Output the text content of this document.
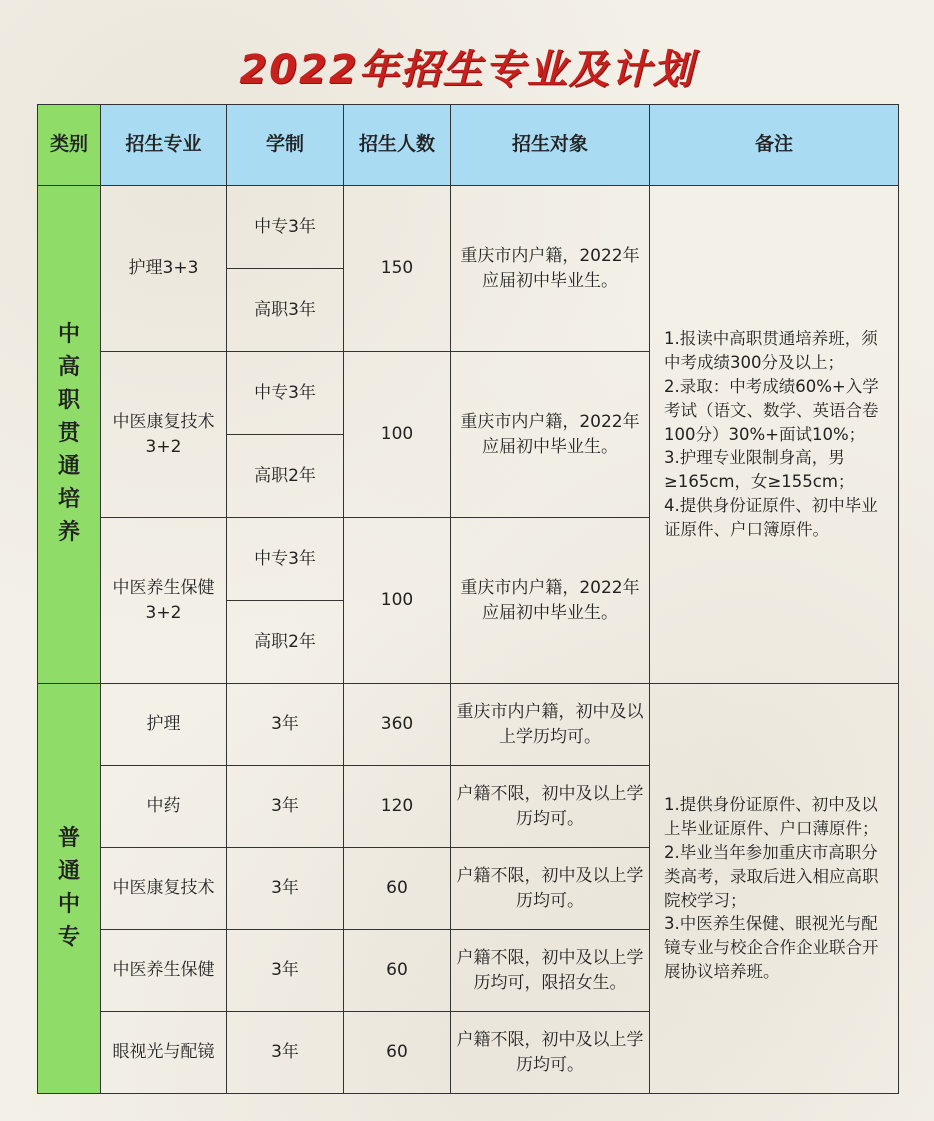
2022年招生专业及计划
类别	招生专业	学制	招生人数	招生对象	备注
中高职贯通培养	护理3+3	中专3年	150	重庆市内户籍，2022年应届初中毕业生。	1.报读中高职贯通培养班，须中考成绩300分及以上；
2.录取：中考成绩60%+入学考试（语文、数学、英语合卷100分）30%+面试10%；
3.护理专业限制身高，男≥165cm，女≥155cm；
4.提供身份证原件、初中毕业证原件、户口簿原件。

		高职3年			
	中医康复技术3+2	中专3年	100	重庆市内户籍，2022年应届初中毕业生。	
		高职2年			
	中医养生保健3+2	中专3年	100	重庆市内户籍，2022年应届初中毕业生。	
		高职2年			
普通中专	护理	3年	360	重庆市内户籍，初中及以上学历均可。	1.提供身份证原件、初中及以上毕业证原件、户口薄原件；
2.毕业当年参加重庆市高职分类高考，录取后进入相应高职院校学习；
3.中医养生保健、眼视光与配镜专业与校企合作企业联合开展协议培养班。

	中药	3年	120	户籍不限，初中及以上学历均可。	
	中医康复技术	3年	60	户籍不限，初中及以上学历均可。	
	中医养生保健	3年	60	户籍不限，初中及以上学历均可，限招女生。	
	眼视光与配镜	3年	60	户籍不限，初中及以上学历均可。	
